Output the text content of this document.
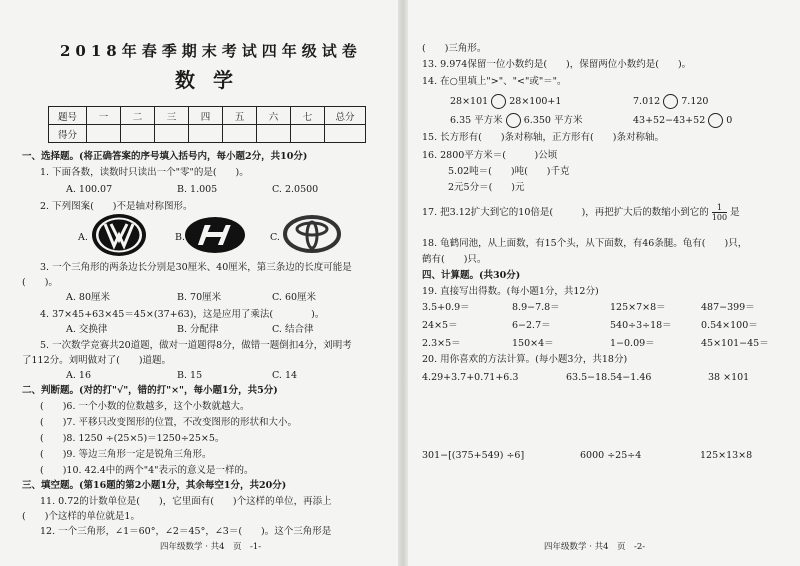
2018年春季期末考试四年级试卷
数学
题号	一	二	三	四	五	六	七	总分
得分								
一、选择题。(将正确答案的序号填入括号内，每小题2分，共10分)
1. 下面各数，读数时只读出一个"零"的是(　　)。
A. 100.07	B. 1.005	C. 2.0500
2. 下列图案(　　)不是轴对称图形。
A.	B.	C.
3. 一个三角形的两条边长分别是30厘米、40厘米，第三条边的长度可能是
(　　)。
A. 80厘米	B. 70厘米	C. 60厘米
4. 37×45+63×45＝45×(37+63)，这是应用了乘法(　　　　)。
A. 交换律	B. 分配律	C. 结合律
5. 一次数学竞赛共20道题，做对一道题得8分，做错一题倒扣4分，刘明考
了112分。刘明做对了(　　)道题。
A. 16	B. 15	C. 14
二、判断题。(对的打"√"，错的打"×"，每小题1分，共5分)
(　　)6. 一个小数的位数越多，这个小数就越大。
(　　)7. 平移只改变图形的位置，不改变图形的形状和大小。
(　　)8. 1250 ÷(25×5)＝1250÷25×5。
(　　)9. 等边三角形一定是锐角三角形。
(　　)10. 42.4中的两个"4"表示的意义是一样的。
三、填空题。(第16题的第2小题1分，其余每空1分，共20分)
11. 0.72的计数单位是(　　)，它里面有(　　)个这样的单位，再添上
(　　)个这样的单位就是1。
12. 一个三角形，∠1＝60°，∠2＝45°，∠3＝(　　)。这个三角形是
四年级数学 · 共4　页　-1-
(　　)三角形。
13. 9.974保留一位小数约是(　　)，保留两位小数约是(　　)。
14. 在○里填上">"、"<"或"＝"。
28×101 28×100+1	7.012 7.120
6.35 平方米 6.350 平方米	43+52−43+52 0
15. 长方形有(　　)条对称轴，正方形有(　　)条对称轴。
16. 2800平方米＝(　　　)公顷
5.02吨＝(　　)吨(　　)千克
2元5分＝(　　)元
17. 把3.12扩大到它的10倍是(　　　)，再把扩大后的数缩小到它的 $\frac{1}{100}$ 是
18. 龟鹤同池，从上面数，有15个头，从下面数，有46条腿。龟有(　　)只，
鹤有(　　)只。
四、计算题。(共30分)
19. 直接写出得数。(每小题1分，共12分)
3.5+0.9＝	8.9−7.8＝	125×7×8＝	487−399＝
24×5＝	6−2.7＝	540÷3÷18＝	0.54×100＝
2.3×5＝	150×4＝	1−0.09＝	45×101−45＝
20. 用你喜欢的方法计算。(每小题3分，共18分)
4.29+3.7+0.71+6.3	63.5−18.54−1.46	38 ×101
301−[(375+549) ÷6]	6000 ÷25÷4	125×13×8
四年级数学 · 共4　页　-2-
